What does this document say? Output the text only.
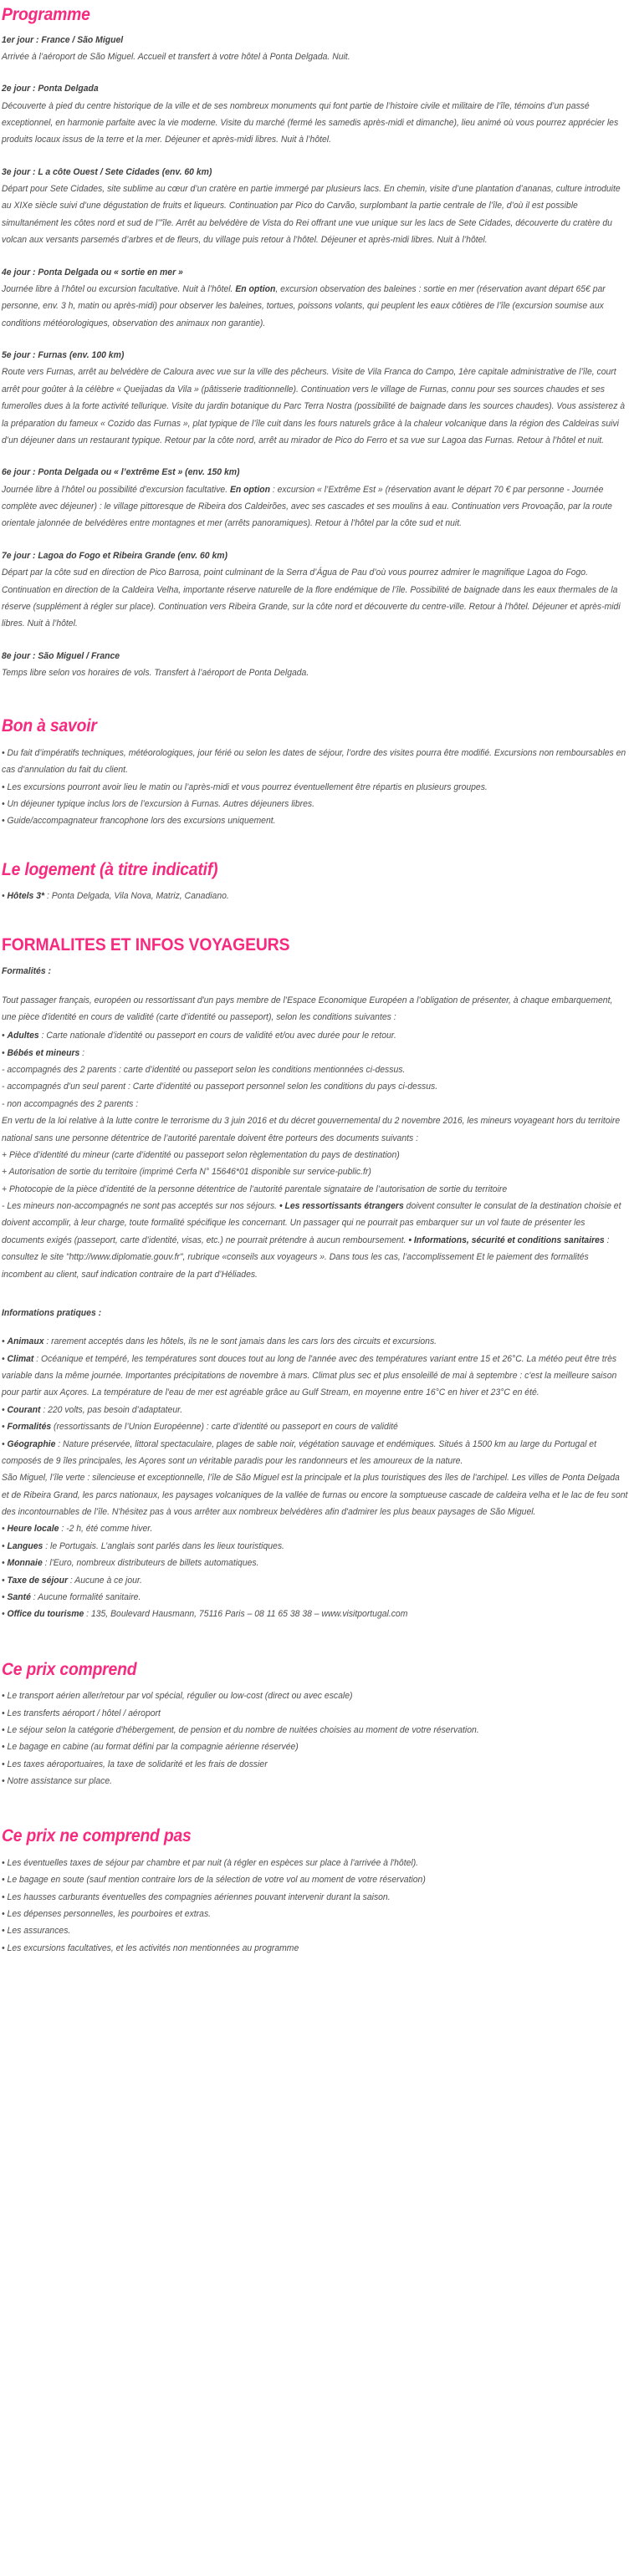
Programme
1er jour : France / São Miguel

Arrivée à l’aéroport de São Miguel. Accueil et transfert à votre hôtel à Ponta Delgada. Nuit.

2e jour : Ponta Delgada

Découverte à pied du centre historique de la ville et de ses nombreux monuments qui font partie de l’histoire civile et militaire de l’île, témoins d’un passé exceptionnel, en harmonie parfaite avec la vie moderne. Visite du marché (fermé les samedis après-midi et dimanche), lieu animé où vous pourrez apprécier les produits locaux issus de la terre et la mer. Déjeuner et après-midi libres. Nuit à l’hôtel.

3e jour : L a côte Ouest / Sete Cidades (env. 60 km)

Départ pour Sete Cidades, site sublime au cœur d’un cratère en partie immergé par plusieurs lacs. En chemin, visite d’une plantation d’ananas, culture introduite au XIXe siècle suivi d’une dégustation de fruits et liqueurs. Continuation par Pico do Carvão, surplombant la partie centrale de l’île, d’où il est possible simultanément les côtes nord et sud de l’”île. Arrêt au belvédère de Vista do Rei offrant une vue unique sur les lacs de Sete Cidades, découverte du cratère du volcan aux versants parsemés d’arbres et de fleurs, du village puis retour à l’hôtel. Déjeuner et après-midi libres. Nuit à l’hôtel.

4e jour : Ponta Delgada ou « sortie en mer »

Journée libre à l’hôtel ou excursion facultative. Nuit à l’hôtel. En option, excursion observation des baleines : sortie en mer (réservation avant départ 65€ par personne, env. 3 h, matin ou après-midi) pour observer les baleines, tortues, poissons volants, qui peuplent les eaux côtières de l’île (excursion soumise aux conditions météorologiques, observation des animaux non garantie).

5e jour : Furnas (env. 100 km)

Route vers Furnas, arrêt au belvédère de Caloura avec vue sur la ville des pêcheurs. Visite de Vila Franca do Campo, 1ère capitale administrative de l’île, court arrêt pour goûter à la célèbre « Queijadas da Vila » (pâtisserie traditionnelle). Continuation vers le village de Furnas, connu pour ses sources chaudes et ses fumerolles dues à la forte activité tellurique. Visite du jardin botanique du Parc Terra Nostra (possibilité de baignade dans les sources chaudes). Vous assisterez à la préparation du fameux « Cozido das Furnas », plat typique de l’île cuit dans les fours naturels grâce à la chaleur volcanique dans la région des Caldeiras suivi d’un déjeuner dans un restaurant typique. Retour par la côte nord, arrêt au mirador de Pico do Ferro et sa vue sur Lagoa das Furnas. Retour à l’hôtel et nuit.

6e jour : Ponta Delgada ou « l’extrême Est » (env. 150 km)

Journée libre à l’hôtel ou possibilité d’excursion facultative. En option : excursion « l’Extrême Est » (réservation avant le départ 70 € par personne - Journée complète avec déjeuner) : le village pittoresque de Ribeira dos Caldeirões, avec ses cascades et ses moulins à eau. Continuation vers Provoação, par la route orientale jalonnée de belvédères entre montagnes et mer (arrêts panoramiques). Retour à l’hôtel par la côte sud et nuit.

7e jour : Lagoa do Fogo et Ribeira Grande (env. 60 km)

Départ par la côte sud en direction de Pico Barrosa, point culminant de la Serra d’Água de Pau d’où vous pourrez admirer le magnifique Lagoa do Fogo. Continuation en direction de la Caldeira Velha, importante réserve naturelle de la flore endémique de l’île. Possibilité de baignade dans les eaux thermales de la réserve (supplément à régler sur place). Continuation vers Ribeira Grande, sur la côte nord et découverte du centre-ville. Retour à l’hôtel. Déjeuner et après-midi libres. Nuit à l’hôtel.

8e jour : São Miguel / France

Temps libre selon vos horaires de vols. Transfert à l’aéroport de Ponta Delgada.

Bon à savoir
• Du fait d’impératifs techniques, météorologiques, jour férié ou selon les dates de séjour, l’ordre des visites pourra être modifié. Excursions non remboursables en cas d’annulation du fait du client.
• Les excursions pourront avoir lieu le matin ou l’après-midi et vous pourrez éventuellement être répartis en plusieurs groupes.
• Un déjeuner typique inclus lors de l’excursion à Furnas. Autres déjeuners libres.
• Guide/accompagnateur francophone lors des excursions uniquement.
Le logement (à titre indicatif)
• Hôtels 3* : Ponta Delgada, Vila Nova, Matriz, Canadiano.
FORMALITES ET INFOS VOYAGEURS
Formalités :

Tout passager français, européen ou ressortissant d'un pays membre de l’Espace Economique Européen a l’obligation de présenter, à chaque embarquement, une pièce d'identité en cours de validité (carte d’identité ou passeport), selon les conditions suivantes :

• Adultes : Carte nationale d’identité ou passeport en cours de validité et/ou avec durée pour le retour.
• Bébés et mineurs :

- accompagnés des 2 parents : carte d’identité ou passeport selon les conditions mentionnées ci-dessus.

- accompagnés d’un seul parent : Carte d’identité ou passeport personnel selon les conditions du pays ci-dessus.

- non accompagnés des 2 parents :

En vertu de la loi relative à la lutte contre le terrorisme du 3 juin 2016 et du décret gouvernemental du 2 novembre 2016, les mineurs voyageant hors du territoire national sans une personne détentrice de l’autorité parentale doivent être porteurs des documents suivants :

+ Pièce d’identité du mineur (carte d’identité ou passeport selon règlementation du pays de destination)

+ Autorisation de sortie du territoire (imprimé Cerfa N° 15646*01 disponible sur service-public.fr)

+ Photocopie de la pièce d’identité de la personne détentrice de l’autorité parentale signataire de l’autorisation de sortie du territoire

- Les mineurs non-accompagnés ne sont pas acceptés sur nos séjours. • Les ressortissants étrangers doivent consulter le consulat de la destination choisie et doivent accomplir, à leur charge, toute formalité spécifique les concernant. Un passager qui ne pourrait pas embarquer sur un vol faute de présenter les documents exigés (passeport, carte d’identité, visas, etc.) ne pourrait prétendre à aucun remboursement. • Informations, sécurité et conditions sanitaires : consultez le site "http://www.diplomatie.gouv.fr", rubrique «conseils aux voyageurs ». Dans tous les cas, l’accomplissement Et le paiement des formalités incombent au client, sauf indication contraire de la part d’Héliades.

Informations pratiques :
• Animaux : rarement acceptés dans les hôtels, ils ne le sont jamais dans les cars lors des circuits et excursions.
• Climat : Océanique et tempéré, les températures sont douces tout au long de l'année avec des températures variant entre 15 et 26°C. La météo peut être très variable dans la même journée. Importantes précipitations de novembre à mars. Climat plus sec et plus ensoleillé de mai à septembre : c'est la meilleure saison pour partir aux Açores. La température de l'eau de mer est agréable grâce au Gulf Stream, en moyenne entre 16°C en hiver et 23°C en été.
• Courant : 220 volts, pas besoin d’adaptateur.
• Formalités (ressortissants de l’Union Européenne) : carte d’identité ou passeport en cours de validité
• Géographie : Nature préservée, littoral spectaculaire, plages de sable noir, végétation sauvage et endémiques. Situés à 1500 km au large du Portugal et composés de 9 îles principales, les Açores sont un véritable paradis pour les randonneurs et les amoureux de la nature.

São Miguel, l’île verte : silencieuse et exceptionnelle, l’île de São Miguel est la principale et la plus touristiques des îles de l'archipel. Les villes de Ponta Delgada et de Ribeira Grand, les parcs nationaux, les paysages volcaniques de la vallée de furnas ou encore la somptueuse cascade de caldeira velha et le lac de feu sont des incontournables de l’île. N'hésitez pas à vous arrêter aux nombreux belvédères afin d'admirer les plus beaux paysages de São Miguel.

• Heure locale : -2 h, été comme hiver.
• Langues : le Portugais. L’anglais sont parlés dans les lieux touristiques.
• Monnaie : l'Euro, nombreux distributeurs de billets automatiques.
• Taxe de séjour : Aucune à ce jour.
• Santé : Aucune formalité sanitaire.
• Office du tourisme : 135, Boulevard Hausmann, 75116 Paris – 08 11 65 38 38 – www.visitportugal.com
Ce prix comprend
• Le transport aérien aller/retour par vol spécial, régulier ou low-cost (direct ou avec escale)
• Les transferts aéroport / hôtel / aéroport
• Le séjour selon la catégorie d'hébergement, de pension et du nombre de nuitées choisies au moment de votre réservation.
• Le bagage en cabine (au format défini par la compagnie aérienne réservée)
• Les taxes aéroportuaires, la taxe de solidarité et les frais de dossier
• Notre assistance sur place.
Ce prix ne comprend pas
• Les éventuelles taxes de séjour par chambre et par nuit (à régler en espèces sur place à l'arrivée à l'hôtel).
• Le bagage en soute (sauf mention contraire lors de la sélection de votre vol au moment de votre réservation)
• Les hausses carburants éventuelles des compagnies aériennes pouvant intervenir durant la saison.
• Les dépenses personnelles, les pourboires et extras.
• Les assurances.
• Les excursions facultatives, et les activités non mentionnées au programme
